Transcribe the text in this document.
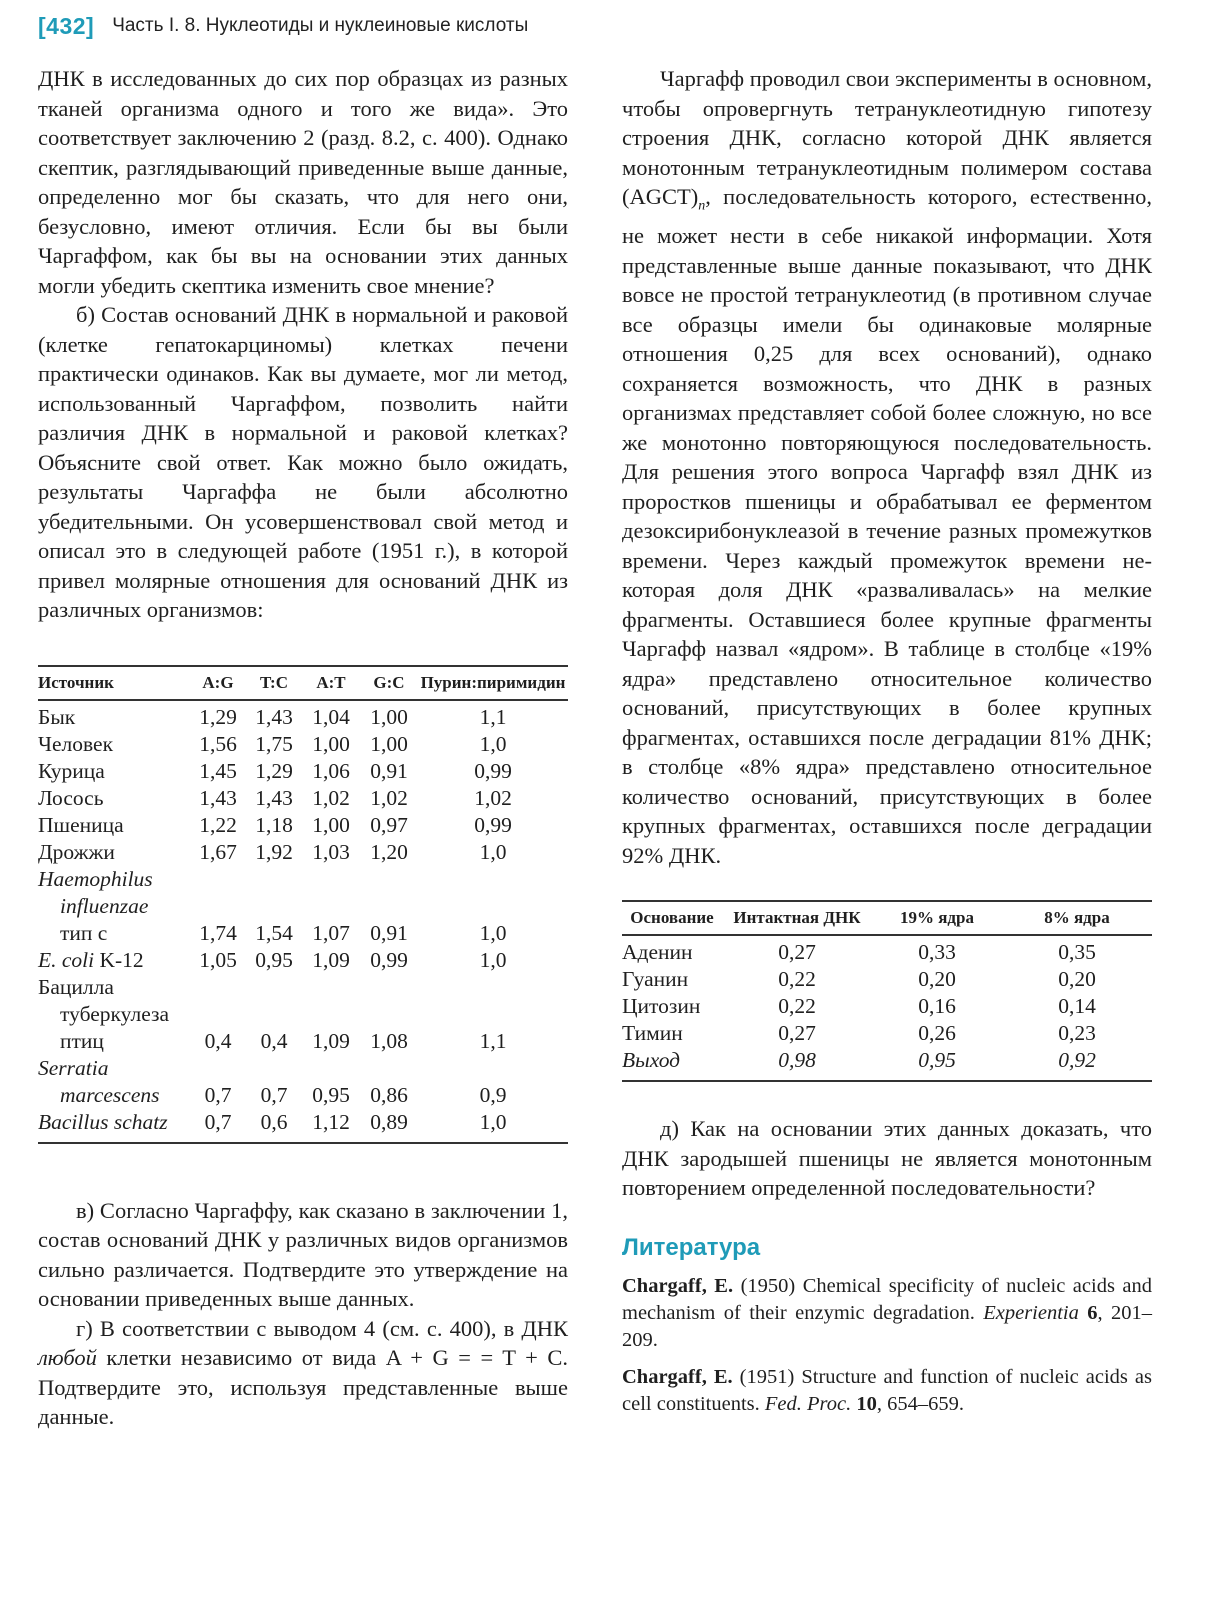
[432] Часть I. 8. Нуклеотиды и нуклеиновые кислоты

ДНК в исследованных до сих пор образцах из разных тканей организма одного и того же вида». Это соответствует заключению 2 (разд. 8.2, с. 400). Однако скептик, разглядывающий приведенные выше данные, определенно мог бы сказать, что для него они, безусловно, имеют отличия. Если бы вы были Чаргаффом, как бы вы на основании этих данных могли убедить скептика изменить свое мнение?

б) Состав оснований ДНК в нормальной и раковой (клетке гепатокарциномы) клетках печени практически одинаков. Как вы думаете, мог ли метод, использованный Чаргаффом, позволить найти различия ДНК в нормальной и раковой клетках? Объясните свой ответ. Как можно было ожидать, результаты Чаргаффа не были абсолютно убедительными. Он усовершенствовал свой метод и описал это в следующей работе (1951 г.), в которой привел молярные отношения для оснований ДНК из различных организмов:

Источник	A:G	T:C	A:T	G:C	Пурин:пиримидин
Бык	1,29	1,43	1,04	1,00	1,1
Человек	1,56	1,75	1,00	1,00	1,0
Курица	1,45	1,29	1,06	0,91	0,99
Лосось	1,43	1,43	1,02	1,02	1,02
Пшеница	1,22	1,18	1,00	0,97	0,99
Дрожжи	1,67	1,92	1,03	1,20	1,0
Haemophilus
influenzae
тип с	1,74	1,54	1,07	0,91	1,0
E. coli K-12	1,05	0,95	1,09	0,99	1,0
Бацилла
туберкулеза
птиц	0,4	0,4	1,09	1,08	1,1
Serratia
marcescens	0,7	0,7	0,95	0,86	0,9
Bacillus schatz	0,7	0,6	1,12	0,89	1,0

в) Согласно Чаргаффу, как сказано в заключении 1, состав оснований ДНК у различных видов организмов сильно различается. Подтвердите это утверждение на основании приведенных выше данных.

г) В соответствии с выводом 4 (см. с. 400), в ДНК любой клетки независимо от вида A + G = = T + C. Подтвердите это, используя представленные выше данные.

Чаргафф проводил свои эксперименты в основном, чтобы опровергнуть тетрануклеотидную гипотезу строения ДНК, согласно которой ДНК является монотонным тетрануклеотидным полимером состава $(AGCT)_n$, последовательность которого, естественно, не может нести в себе никакой информации. Хотя представленные выше данные показывают, что ДНК вовсе не простой тетрануклеотид (в противном случае все образцы имели бы одинаковые молярные отношения 0,25 для всех оснований), однако сохраняется возможность, что ДНК в разных организмах представляет собой более сложную, но все же монотонно повторяющуюся последовательность. Для решения этого вопроса Чаргафф взял ДНК из проростков пшеницы и обрабатывал ее ферментом дезоксирибонуклеазой в течение разных промежутков времени. Через каждый промежуток времени некоторая доля ДНК «разваливалась» на мелкие фрагменты. Оставшиеся более крупные фрагменты Чаргафф назвал «ядром». В таблице в столбце «19% ядра» представлено относительное количество оснований, присутствующих в более крупных фрагментах, оставшихся после деградации 81% ДНК; в столбце «8% ядра» представлено относительное количество оснований, присутствующих в более крупных фрагментах, оставшихся после деградации 92% ДНК.

Основание	Интактная ДНК	19% ядра	8% ядра
Аденин	0,27	0,33	0,35
Гуанин	0,22	0,20	0,20
Цитозин	0,22	0,16	0,14
Тимин	0,27	0,26	0,23
Выход	0,98	0,95	0,92

д) Как на основании этих данных доказать, что ДНК зародышей пшеницы не является монотонным повторением определенной последовательности?

Литература

Chargaff, E. (1950) Chemical specificity of nucleic acids and mechanism of their enzymic degradation. Experientia 6, 201–209.

Chargaff, E. (1951) Structure and function of nucleic acids as cell constituents. Fed. Proc. 10, 654–659.
